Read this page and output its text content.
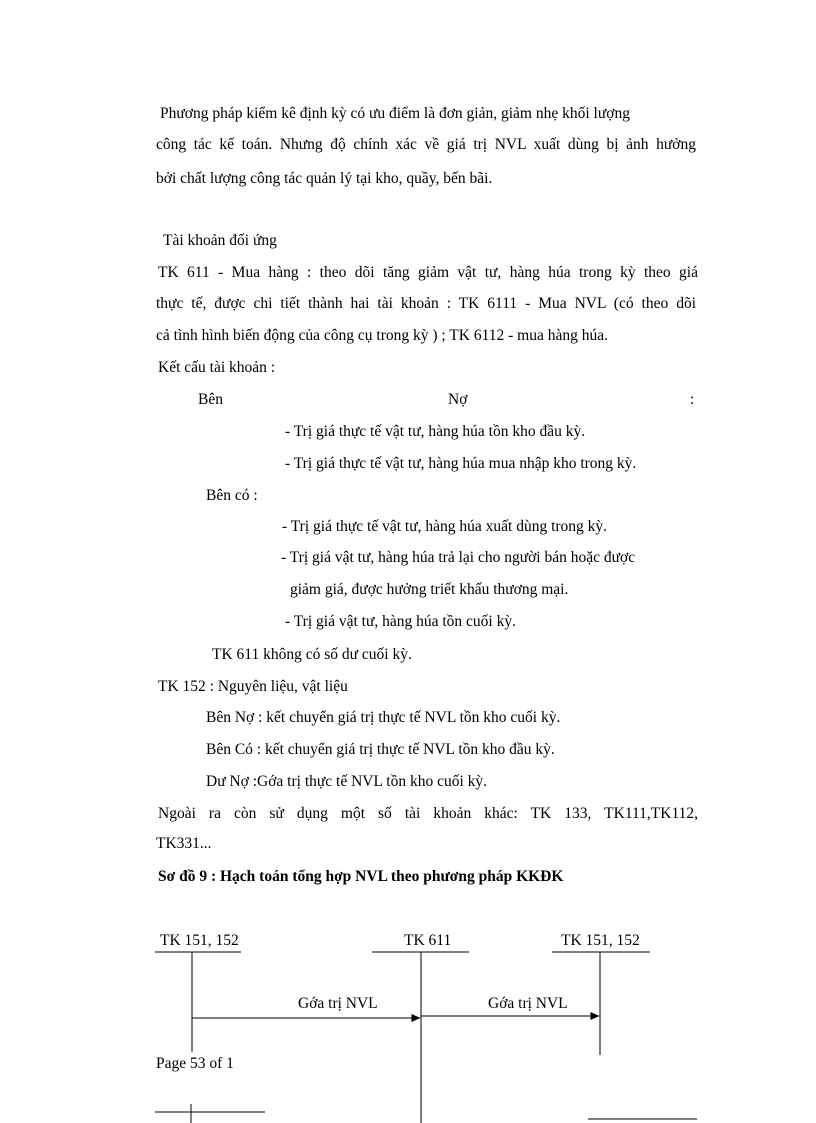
Phương pháp kiểm kê định kỳ có ưu điểm là đơn giản, giảm nhẹ khối lượng
công tác kế toán. Nhưng độ chính xác về giá trị NVL xuất dùng bị ảnh hưởng
bởi chất lượng công tác quản lý tại kho, quầy, bến bãi.
Tài khoản đối ứng
TK 611 - Mua hàng : theo dõi tăng giảm vật tư, hàng húa trong kỳ theo giá
thực tế, được chi tiết thành hai tài khoản : TK 6111 - Mua NVL (có theo dõi
cả tình hình biến động của công cụ trong kỳ ) ; TK 6112 - mua hàng húa.
Kết cấu tài khoản :
Bên	Nợ	:
- Trị giá thực tế vật tư, hàng húa tồn kho đầu kỳ.
- Trị giá thực tế vật tư, hàng húa mua nhập kho trong kỳ.
Bên có :
- Trị giá thực tế vật tư, hàng húa xuất dùng trong kỳ.
- Trị giá vật tư, hàng húa trả lại cho người bán hoặc được
giảm giá, được hưởng triết khấu thương mại.
- Trị giá vật tư, hàng húa tồn cuối kỳ.
TK 611 không có số dư cuối kỳ.
TK 152 : Nguyên liệu, vật liệu
Bên Nợ : kết chuyển giá trị thực tế NVL tồn kho cuối kỳ.
Bên Có : kết chuyển giá trị thực tế NVL tồn kho đầu kỳ.
Dư Nợ :Gớa trị thực tế NVL tồn kho cuối kỳ.
Ngoài ra còn sử dụng một số tài khoản khác: TK 133, TK111,TK112,
TK331...
Sơ đồ 9 : Hạch toán tổng hợp NVL theo phương pháp KKĐK
TK 151, 152	TK 611	TK 151, 152
Gớa trị NVL	Gớa trị NVL
Page 53 of 1
